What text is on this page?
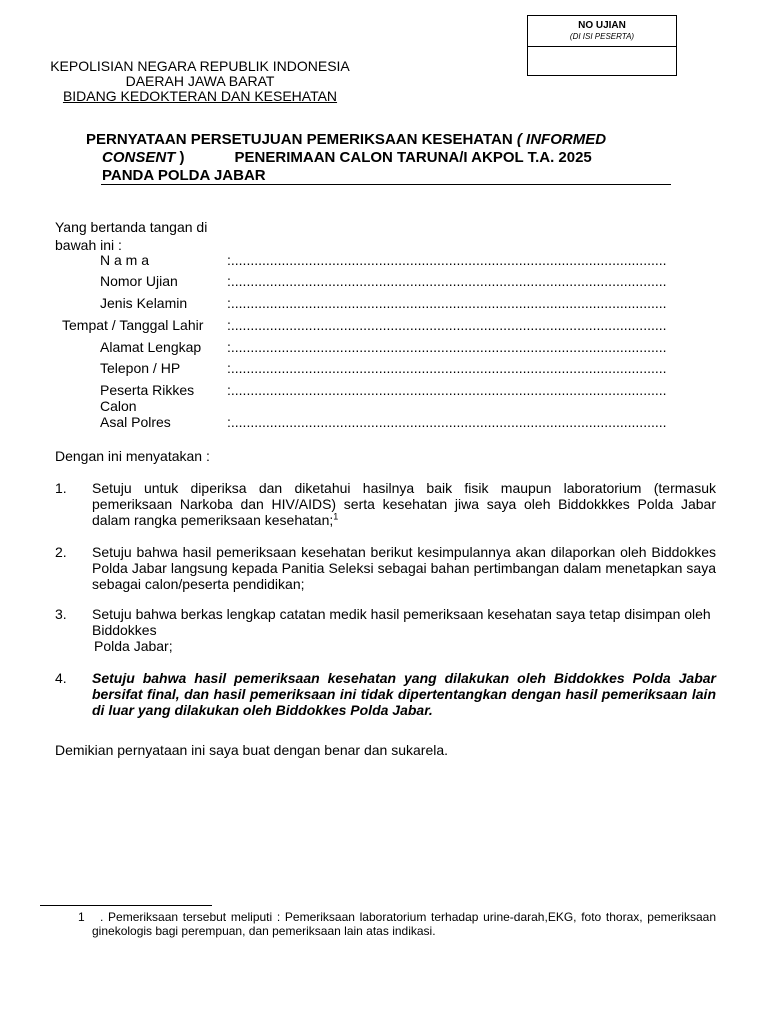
NO UJIAN
(DI ISI PESERTA)
KEPOLISIAN NEGARA REPUBLIK INDONESIA
DAERAH JAWA BARAT
BIDANG KEDOKTERAN DAN KESEHATAN
PERNYATAAN PERSETUJUAN PEMERIKSAAN KESEHATAN ( INFORMED
CONSENT )	PENERIMAAN CALON TARUNA/I AKPOL T.A. 2025
PANDA POLDA JABAR
Yang bertanda tangan di bawah ini :
N a m a	:................................................................................................................
Nomor Ujian	:................................................................................................................
Jenis Kelamin	:................................................................................................................
Tempat / Tanggal Lahir :................................................................................................................
Alamat Lengkap :................................................................................................................
Telepon / HP	:................................................................................................................
Peserta Rikkes
Calon
:................................................................................................................
Asal Polres	:................................................................................................................
Dengan ini menyatakan :
1. Setuju untuk diperiksa dan diketahui hasilnya baik fisik maupun laboratorium (termasuk pemeriksaan Narkoba dan HIV/AIDS) serta kesehatan jiwa saya oleh Biddokkkes Polda Jabar dalam rangka pemeriksaan kesehatan;$^1$
2. Setuju bahwa hasil pemeriksaan kesehatan berikut kesimpulannya akan dilaporkan oleh Biddokkes Polda Jabar langsung kepada Panitia Seleksi sebagai bahan pertimbangan dalam menetapkan saya sebagai calon/peserta pendidikan;
3. Setuju bahwa berkas lengkap catatan medik hasil pemeriksaan kesehatan saya tetap disimpan oleh Biddokkes
Polda Jabar;
4. Setuju bahwa hasil pemeriksaan kesehatan yang dilakukan oleh Biddokkes Polda Jabar bersifat final, dan hasil pemeriksaan ini tidak dipertentangkan dengan hasil pemeriksaan lain di luar yang dilakukan oleh Biddokkes Polda Jabar.
Demikian pernyataan ini saya buat dengan benar dan sukarela.
1	. Pemeriksaan tersebut meliputi : Pemeriksaan laboratorium terhadap urine-darah,EKG, foto thorax, pemeriksaan ginekologis bagi perempuan, dan pemeriksaan lain atas indikasi.
